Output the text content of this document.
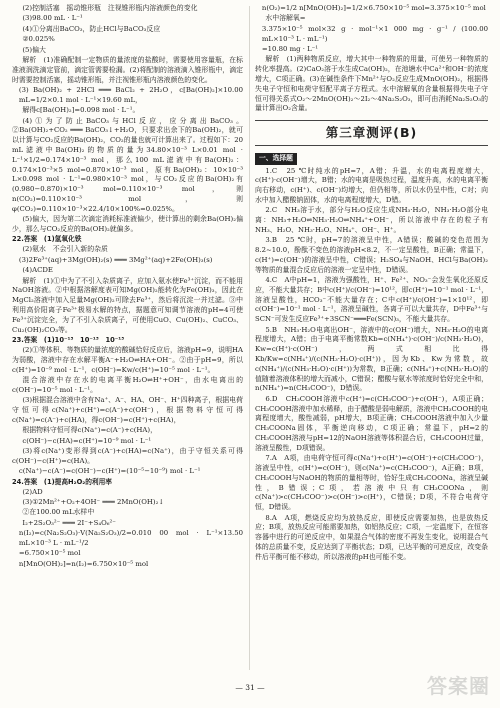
(2)控制活塞　摇动锥形瓶　注视锥形瓶内溶液颜色的变化

(3)98.00 mL · L⁻¹

(4)①分离出BaCO₃，防止HCl与BaCO₃反应

②0.025%

(5)偏大

解析　(1)准确配制一定物质的量浓度的盐酸时，需要使用容量瓶，在标准液润洗滴定管前，滴定管需要检漏。(2)将配制的溶液滴入锥形瓶中，滴定时需要控制活塞，摇动锥形瓶，并注视锥形瓶内溶液颜色的变化。

(3) Ba(OH)₂ + 2HCl ═══ BaCl₂ + 2H₂O，c[Ba(OH)₂]×10.00 mL=1/2×0.1 mol · L⁻¹×19.60 mL，

解得c[Ba(OH)₂]=0.098 mol · L⁻¹。

(4)①为了防止BaCO₃与HCl反应，应分离出BaCO₃。②Ba(OH)₂+CO₂ ═══ BaCO₃↓+H₂O，只要求出余下的Ba(OH)₂，就可以计算与CO₂反应的Ba(OH)₂，CO₂的量也就可计算出来了。过程如下：20 mL滤液中Ba(OH)₂的物质的量为34.80×10⁻³ L×0.01 mol · L⁻¹×1/2=0.174×10⁻³ mol，那么100 mL滤液中有Ba(OH)₂：0.174×10⁻³×5 mol=0.870×10⁻³ mol，原有Ba(OH)₂：10×10⁻³ L×0.098 mol · L⁻¹=0.980×10⁻³ mol，与CO₂反应的Ba(OH)₂有(0.980−0.870)×10⁻³ mol=0.110×10⁻³ mol，则n(CO₂)=0.110×10⁻³ mol，则φ(CO₂)=0.110×10⁻³×22.4/10×100%=0.025%。

(5)偏大，因为第二次滴定消耗标准液偏少，使计算出的剩余Ba(OH)₂偏少，那么与CO₂反应的Ba(OH)₂就偏多。

22.答案　(1)氢氧化铁

(2)氨水　不会引入新的杂质

(3)2Fe³⁺(aq)+3Mg(OH)₂(s) ═══ 3Mg²⁺(aq)+2Fe(OH)₃(s)

(4)ACDE

解析　(1)①中为了不引入杂质离子，应加入氨水使Fe³⁺沉淀，而不能用NaOH溶液。②中根据溶解度表可知Mg(OH)₂能转化为Fe(OH)₃，因此在MgCl₂溶液中加入足量Mg(OH)₂可除去Fe³⁺，然后将沉淀一并过滤。③中利用高价阳离子Fe³⁺极易水解的特点，据题意可知调节溶液的pH=4可使Fe³⁺沉淀完全，为了不引入杂质离子，可使用CuO、Cu(OH)₂、CuCO₃、Cu₂(OH)₂CO₃等。

23.答案　(1)10⁻¹³　10⁻¹³　10⁻¹³

(2)①等体积、等物质的量浓度的酸碱恰好反应后，溶液pH=9，说明HA为弱酸，溶液中存在水解平衡A⁻+H₂O⇌HA+OH⁻。②由于pH=9，所以c(H⁺)=10⁻⁹ mol · L⁻¹，c(OH⁻)=Kw/c(H⁺)=10⁻⁵ mol · L⁻¹。

混合溶液中存在水的电离平衡H₂O⇌H⁺+OH⁻，由水电离出的c(OH⁻)=10⁻⁵ mol · L⁻¹。

(3)根据混合溶液中含有Na⁺、A⁻、HA、OH⁻、H⁺四种离子，根据电荷守恒可得c(Na⁺)+c(H⁺)=c(A⁻)+c(OH⁻)，根据物料守恒可得c(Na⁺)=c(A⁻)+c(HA)，得c(OH⁻)=c(H⁺)+c(HA)，

根据物料守恒可得c(Na⁺)=c(A⁻)+c(HA)，

c(OH⁻)−c(HA)=c(H⁺)=10⁻⁹ mol · L⁻¹

(3)将c(Na⁺)变形得到c(A⁻)+c(HA)=c(Na⁺)，由于守恒关系可得c(OH⁻)−c(H⁺)=c(HA)。

c(Na⁺)−c(A⁻)=c(OH⁻)−c(H⁺)=(10⁻⁵−10⁻⁹) mol · L⁻¹

24.答案　(1)提高H₂O₂的利用率

(2)AD

(3)①2Mn²⁺+O₂+4OH⁻ ═══ 2MnO(OH)₂↓

②在100.00 mL水样中

I₂+2S₂O₃²⁻ ═══ 2I⁻+S₄O₆²⁻

n(I₂)=c(Na₂S₂O₃)·V(Na₂S₂O₃)/2=0.010 00 mol · L⁻¹×13.50 mL×10⁻³ L · mL⁻¹/2

=6.750×10⁻⁵ mol

n[MnO(OH)₂]=n(I₂)=6.750×10⁻⁵ mol

n(O₂)=1/2 n[MnO(OH)₂]=1/2×6.750×10⁻⁵ mol=3.375×10⁻⁵ mol

水中溶解氧=

3.375×10⁻⁵ mol×32 g · mol⁻¹×1 000 mg · g⁻¹ / (100.00 mL×10⁻³ L · mL⁻¹)

=10.80 mg · L⁻¹

解析　(1)两种物质反应，增大其中一种物质的用量，可使另一种物质的转化率提高。(2)CaO₂溶于水生成Ca(OH)₂，在池塘水中Ca²⁺和OH⁻的浓度增大，C项正确。(3)在碱性条件下Mn²⁺与O₂反应生成MnO(OH)₂，根据得失电子守恒和电荷守恒配平离子方程式。水中溶解氧的含量根据得失电子守恒可得关系式O₂～2MnO(OH)₂～2I₂～4Na₂S₂O₃，即可由消耗Na₂S₂O₃的量计算出O₂含量。

第三章测评(B)
一、选择题

1.C　25 ℃时纯水的pH=7，A错；升温，水的电离程度增大，c(H⁺)·c(OH⁻)增大，B错；水的电离是吸热过程，温度升高，水的电离平衡向右移动，c(H⁺)、c(OH⁻)均增大，但仍相等，所以水仍呈中性，C对；向水中加入醋酸钠固体，水的电离程度增大，D错。

2.C　NH₃溶于水，部分与H₂O反应生成NH₃·H₂O，NH₃·H₂O部分电离：NH₃+H₂O⇌NH₃·H₂O⇌NH₄⁺+OH⁻，所以溶液中存在的粒子有NH₃、H₂O、NH₃·H₂O、NH₄⁺、OH⁻、H⁺。

3.B　25 ℃时，pH=7的溶液呈中性，A错误；酸碱的变色范围为8.2~10.0，酚酞不变色的溶液pH<8.2，不一定呈酸性，B正确；常温下，c(H⁺)=c(OH⁻)的溶液呈中性，C错误；H₂SO₄与NaOH、HCl与Ba(OH)₂等物质的量混合反应后的溶液一定呈中性，D错误。

4.C　A中pH=1，溶液为强酸性，H⁺、Fe²⁺、NO₃⁻会发生氧化还原反应，不能大量共存；B中c(H⁺)/c(OH⁻)=10¹²，即c(H⁺)=10⁻¹ mol · L⁻¹，溶液呈酸性，HCO₃⁻不能大量存在；C中c(H⁺)/c(OH⁻)=1×10¹²，即c(OH⁻)=10⁻¹ mol · L⁻¹，溶液呈碱性，各离子可以大量共存，D中Fe³⁺与SCN⁻可发生反应Fe³⁺+3SCN⁻═══Fe(SCN)₃，不能大量共存。

5.B　NH₃·H₂O电离出OH⁻，溶液中的c(OH⁻)增大，NH₃·H₂O的电离程度增大，A错；由于电离平衡常数Kb=c(NH₄⁺)·c(OH⁻)/c(NH₃·H₂O)，Kw=c(H⁺)·c(OH⁻)，两式相比得Kb/Kw=c(NH₄⁺)/(c(NH₃·H₂O)·c(H⁺))，因为Kb、Kw为常数，故c(NH₄⁺)/(c(NH₃·H₂O)·c(H⁺))为常数，B正确；c(NH₄⁺)+c(NH₃·H₂O)的值随着溶液体积的增大而减小，C错误；醋酸与氨水等浓度时恰好完全中和，n(NH₄⁺)=n(CH₃COO⁻)，D错误。

6.D　CH₃COOH溶液中c(H⁺)=c(CH₃COO⁻)+c(OH⁻)，A项正确；CH₃COOH溶液中加水稀释，由于醋酸是弱电解质，溶液中CH₃COOH的电离程度增大，酸性减弱，pH增大，B项正确；CH₃COOH溶液中加入少量CH₃COONa固体，平衡逆向移动，C项正确；常温下，pH=2的CH₃COOH溶液与pH=12的NaOH溶液等体积混合后，CH₃COOH过量，溶液呈酸性，D项错误。

7.A　A项，由电荷守恒可得c(Na⁺)+c(H⁺)=c(OH⁻)+c(CH₃COO⁻)，溶液呈中性，c(H⁺)=c(OH⁻)，则c(Na⁺)=c(CH₃COO⁻)，A正确；B项，CH₃COOH与NaOH的物质的量相等时，恰好生成CH₃COONa，溶液呈碱性，B错误；C项，若溶液中只有CH₃COONa，则c(Na⁺)>c(CH₃COO⁻)>c(OH⁻)>c(H⁺)，C错误；D项，不符合电荷守恒，D错误。

8.A　A项，燃烧反应均为放热反应，即使反应需要加热，也是放热反应；B项，放热反应可能需要加热，如铝热反应；C项，一定温度下，在恒容容器中进行的可逆反应中，如果混合气体的密度不再发生变化，说明混合气体的总质量不变，反应达到了平衡状态；D项，已达平衡的可逆反应，改变条件后平衡可能不移动，所以溶液的pH也可能不变。

— 31 —	答案圈
